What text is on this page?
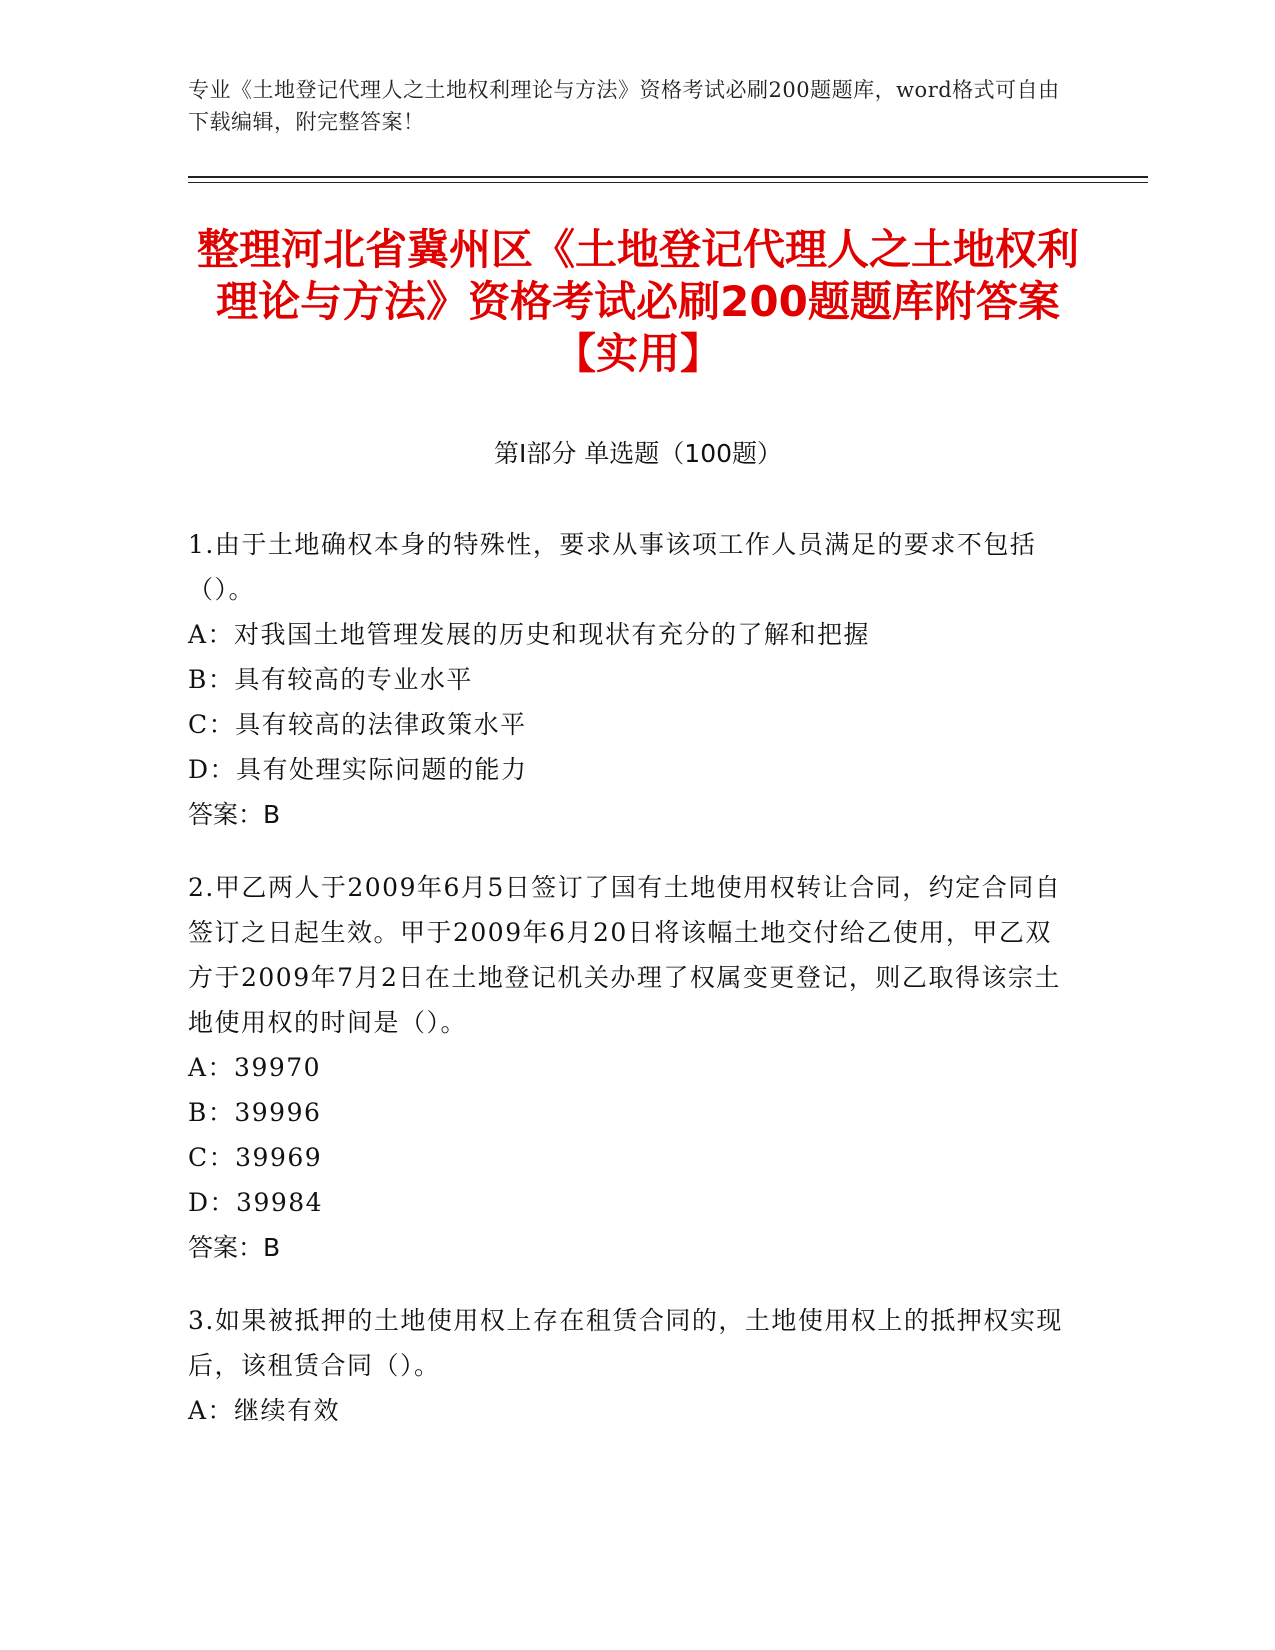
专业《土地登记代理人之土地权利理论与方法》资格考试必刷200题题库，word格式可自由下载编辑，附完整答案！
整理河北省冀州区《土地登记代理人之土地权利理论与方法》资格考试必刷200题题库附答案【实用】
第Ⅰ部分 单选题（100题）
1.由于土地确权本身的特殊性，要求从事该项工作人员满足的要求不包括（）。
A：对我国土地管理发展的历史和现状有充分的了解和把握
B：具有较高的专业水平
C：具有较高的法律政策水平
D：具有处理实际问题的能力
答案：B
2.甲乙两人于2009年6月5日签订了国有土地使用权转让合同，约定合同自签订之日起生效。甲于2009年6月20日将该幅土地交付给乙使用，甲乙双方于2009年7月2日在土地登记机关办理了权属变更登记，则乙取得该宗土地使用权的时间是（）。
A：39970
B：39996
C：39969
D：39984
答案：B
3.如果被抵押的土地使用权上存在租赁合同的，土地使用权上的抵押权实现后，该租赁合同（）。
A：继续有效
